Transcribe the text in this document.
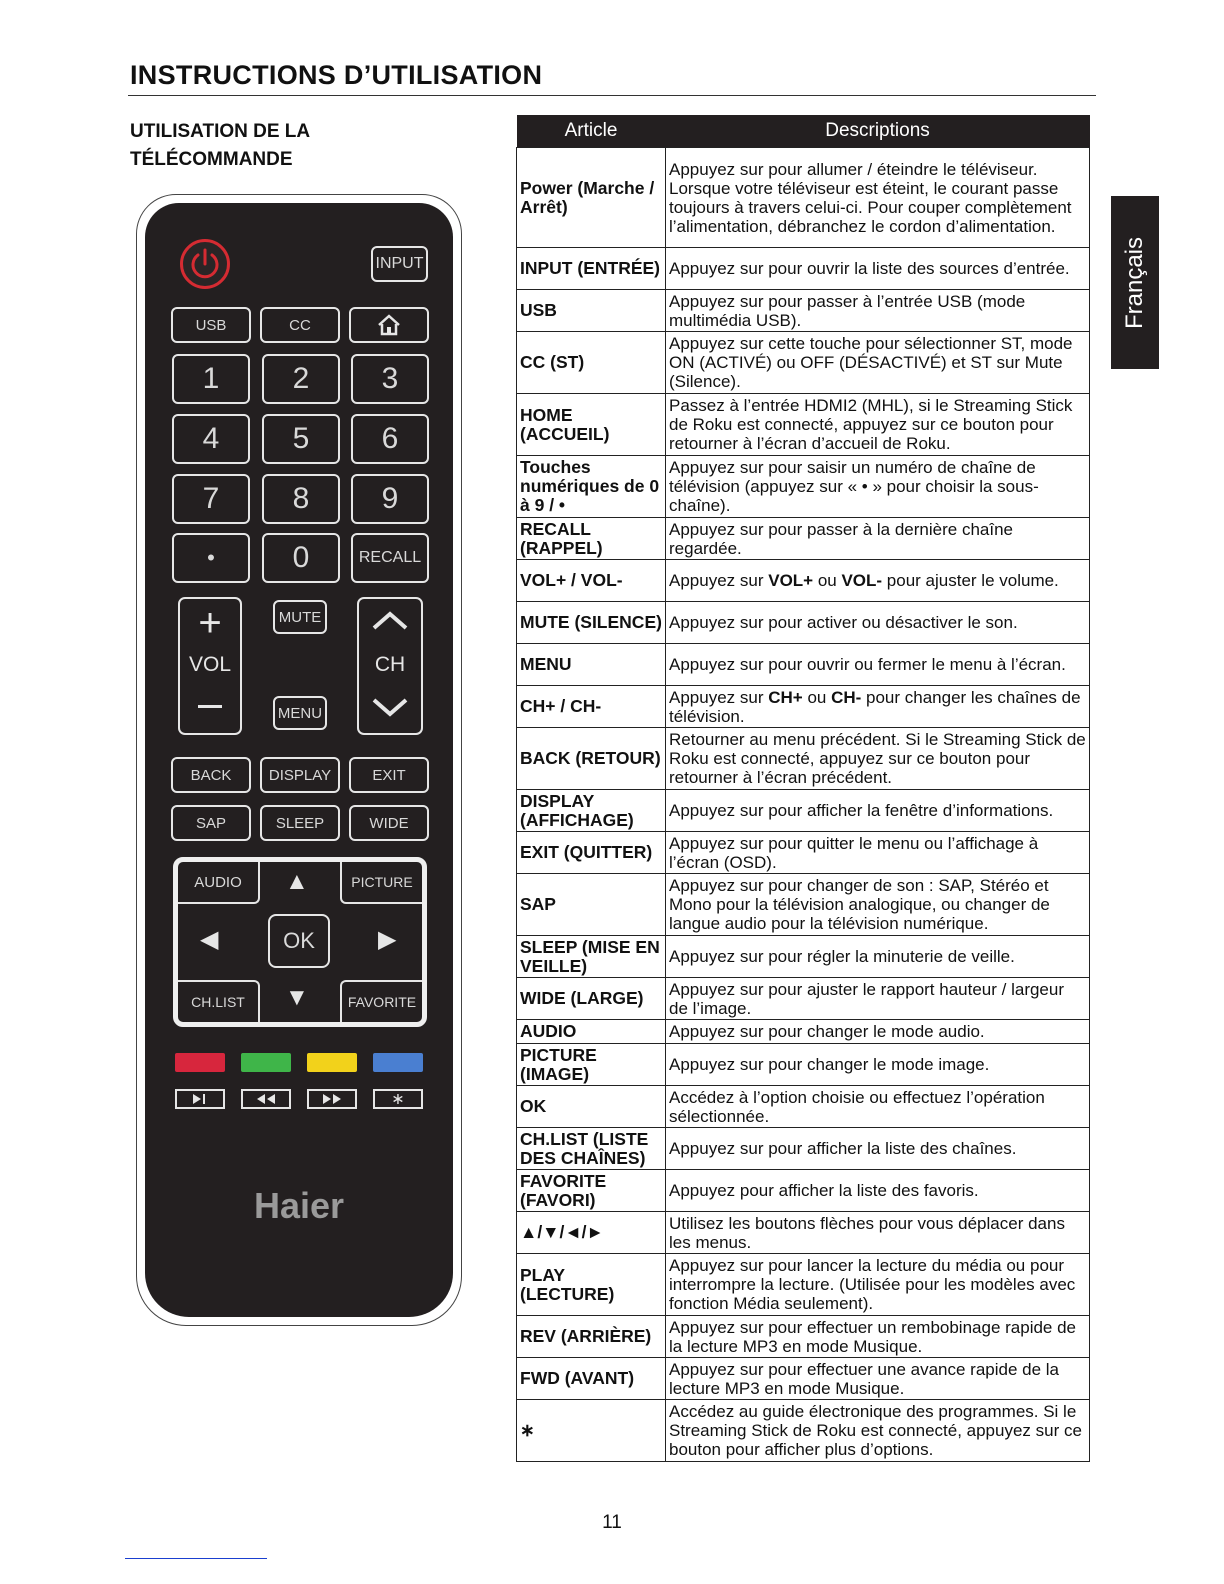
INSTRUCTIONS D’UTILISATION
UTILISATION DE LA
TÉLÉCOMMANDE
Français
INPUT
USB	CC
1	2	3
4	5	6
7	8	9
•	0	RECALL
+
VOL
MUTE
MENU
CH
BACK	DISPLAY	EXIT
SAP	SLEEP	WIDE
AUDIO	PICTURE
▲
◀	▶
OK
▼
CH.LIST	FAVORITE
∗
Haier
Article	Descriptions
Power (Marche / Arrêt)	Appuyez sur pour allumer / éteindre le téléviseur. Lorsque votre téléviseur est éteint, le courant passe toujours à travers celui-ci. Pour couper complètement l’alimentation, débranchez le cordon d’alimentation.
INPUT (ENTRÉE)	Appuyez sur pour ouvrir la liste des sources d’entrée.
USB	Appuyez sur pour passer à l’entrée USB (mode multimédia USB).
CC (ST)	Appuyez sur cette touche pour sélectionner ST, mode ON (ACTIVÉ) ou OFF (DÉSACTIVÉ) et ST sur Mute (Silence).
HOME (ACCUEIL)	Passez à l’entrée HDMI2 (MHL), si le Streaming Stick de Roku est connecté, appuyez sur ce bouton pour retourner à l’écran d’accueil de Roku.
Touches numériques de 0 à 9 / •	Appuyez sur pour saisir un numéro de chaîne de télévision (appuyez sur « • » pour choisir la sous-chaîne).
RECALL (RAPPEL)	Appuyez sur pour passer à la dernière chaîne regardée.
VOL+ / VOL-	Appuyez sur VOL+ ou VOL- pour ajuster le volume.
MUTE (SILENCE)	Appuyez sur pour activer ou désactiver le son.
MENU	Appuyez sur pour ouvrir ou fermer le menu à l’écran.
CH+ / CH-	Appuyez sur CH+ ou CH- pour changer les chaînes de télévision.
BACK (RETOUR)	Retourner au menu précédent. Si le Streaming Stick de Roku est connecté, appuyez sur ce bouton pour retourner à l’écran précédent.
DISPLAY (AFFICHAGE)	Appuyez sur pour afficher la fenêtre d’informations.
EXIT (QUITTER)	Appuyez sur pour quitter le menu ou l’affichage à l’écran (OSD).
SAP	Appuyez sur pour changer de son : SAP, Stéréo et Mono pour la télévision analogique, ou changer de langue audio pour la télévision numérique.
SLEEP (MISE EN VEILLE)	Appuyez sur pour régler la minuterie de veille.
WIDE (LARGE)	Appuyez sur pour ajuster le rapport hauteur / largeur de l’image.
AUDIO	Appuyez sur pour changer le mode audio.
PICTURE (IMAGE)	Appuyez sur pour changer le mode image.
OK	Accédez à l’option choisie ou effectuez l’opération sélectionnée.
CH.LIST (LISTE DES CHAÎNES)	Appuyez sur pour afficher la liste des chaînes.
FAVORITE (FAVORI)	Appuyez pour afficher la liste des favoris.
▲/▼/◄/►	Utilisez les boutons flèches pour vous déplacer dans les menus.
PLAY (LECTURE)	Appuyez sur pour lancer la lecture du média ou pour interrompre la lecture. (Utilisée pour les modèles avec fonction Média seulement).
REV (ARRIÈRE)	Appuyez sur pour effectuer un rembobinage rapide de la lecture MP3 en mode Musique.
FWD (AVANT)	Appuyez sur pour effectuer une avance rapide de la lecture MP3 en mode Musique.
∗	Accédez au guide électronique des programmes. Si le Streaming Stick de Roku est connecté, appuyez sur ce bouton pour afficher plus d’options.
11
